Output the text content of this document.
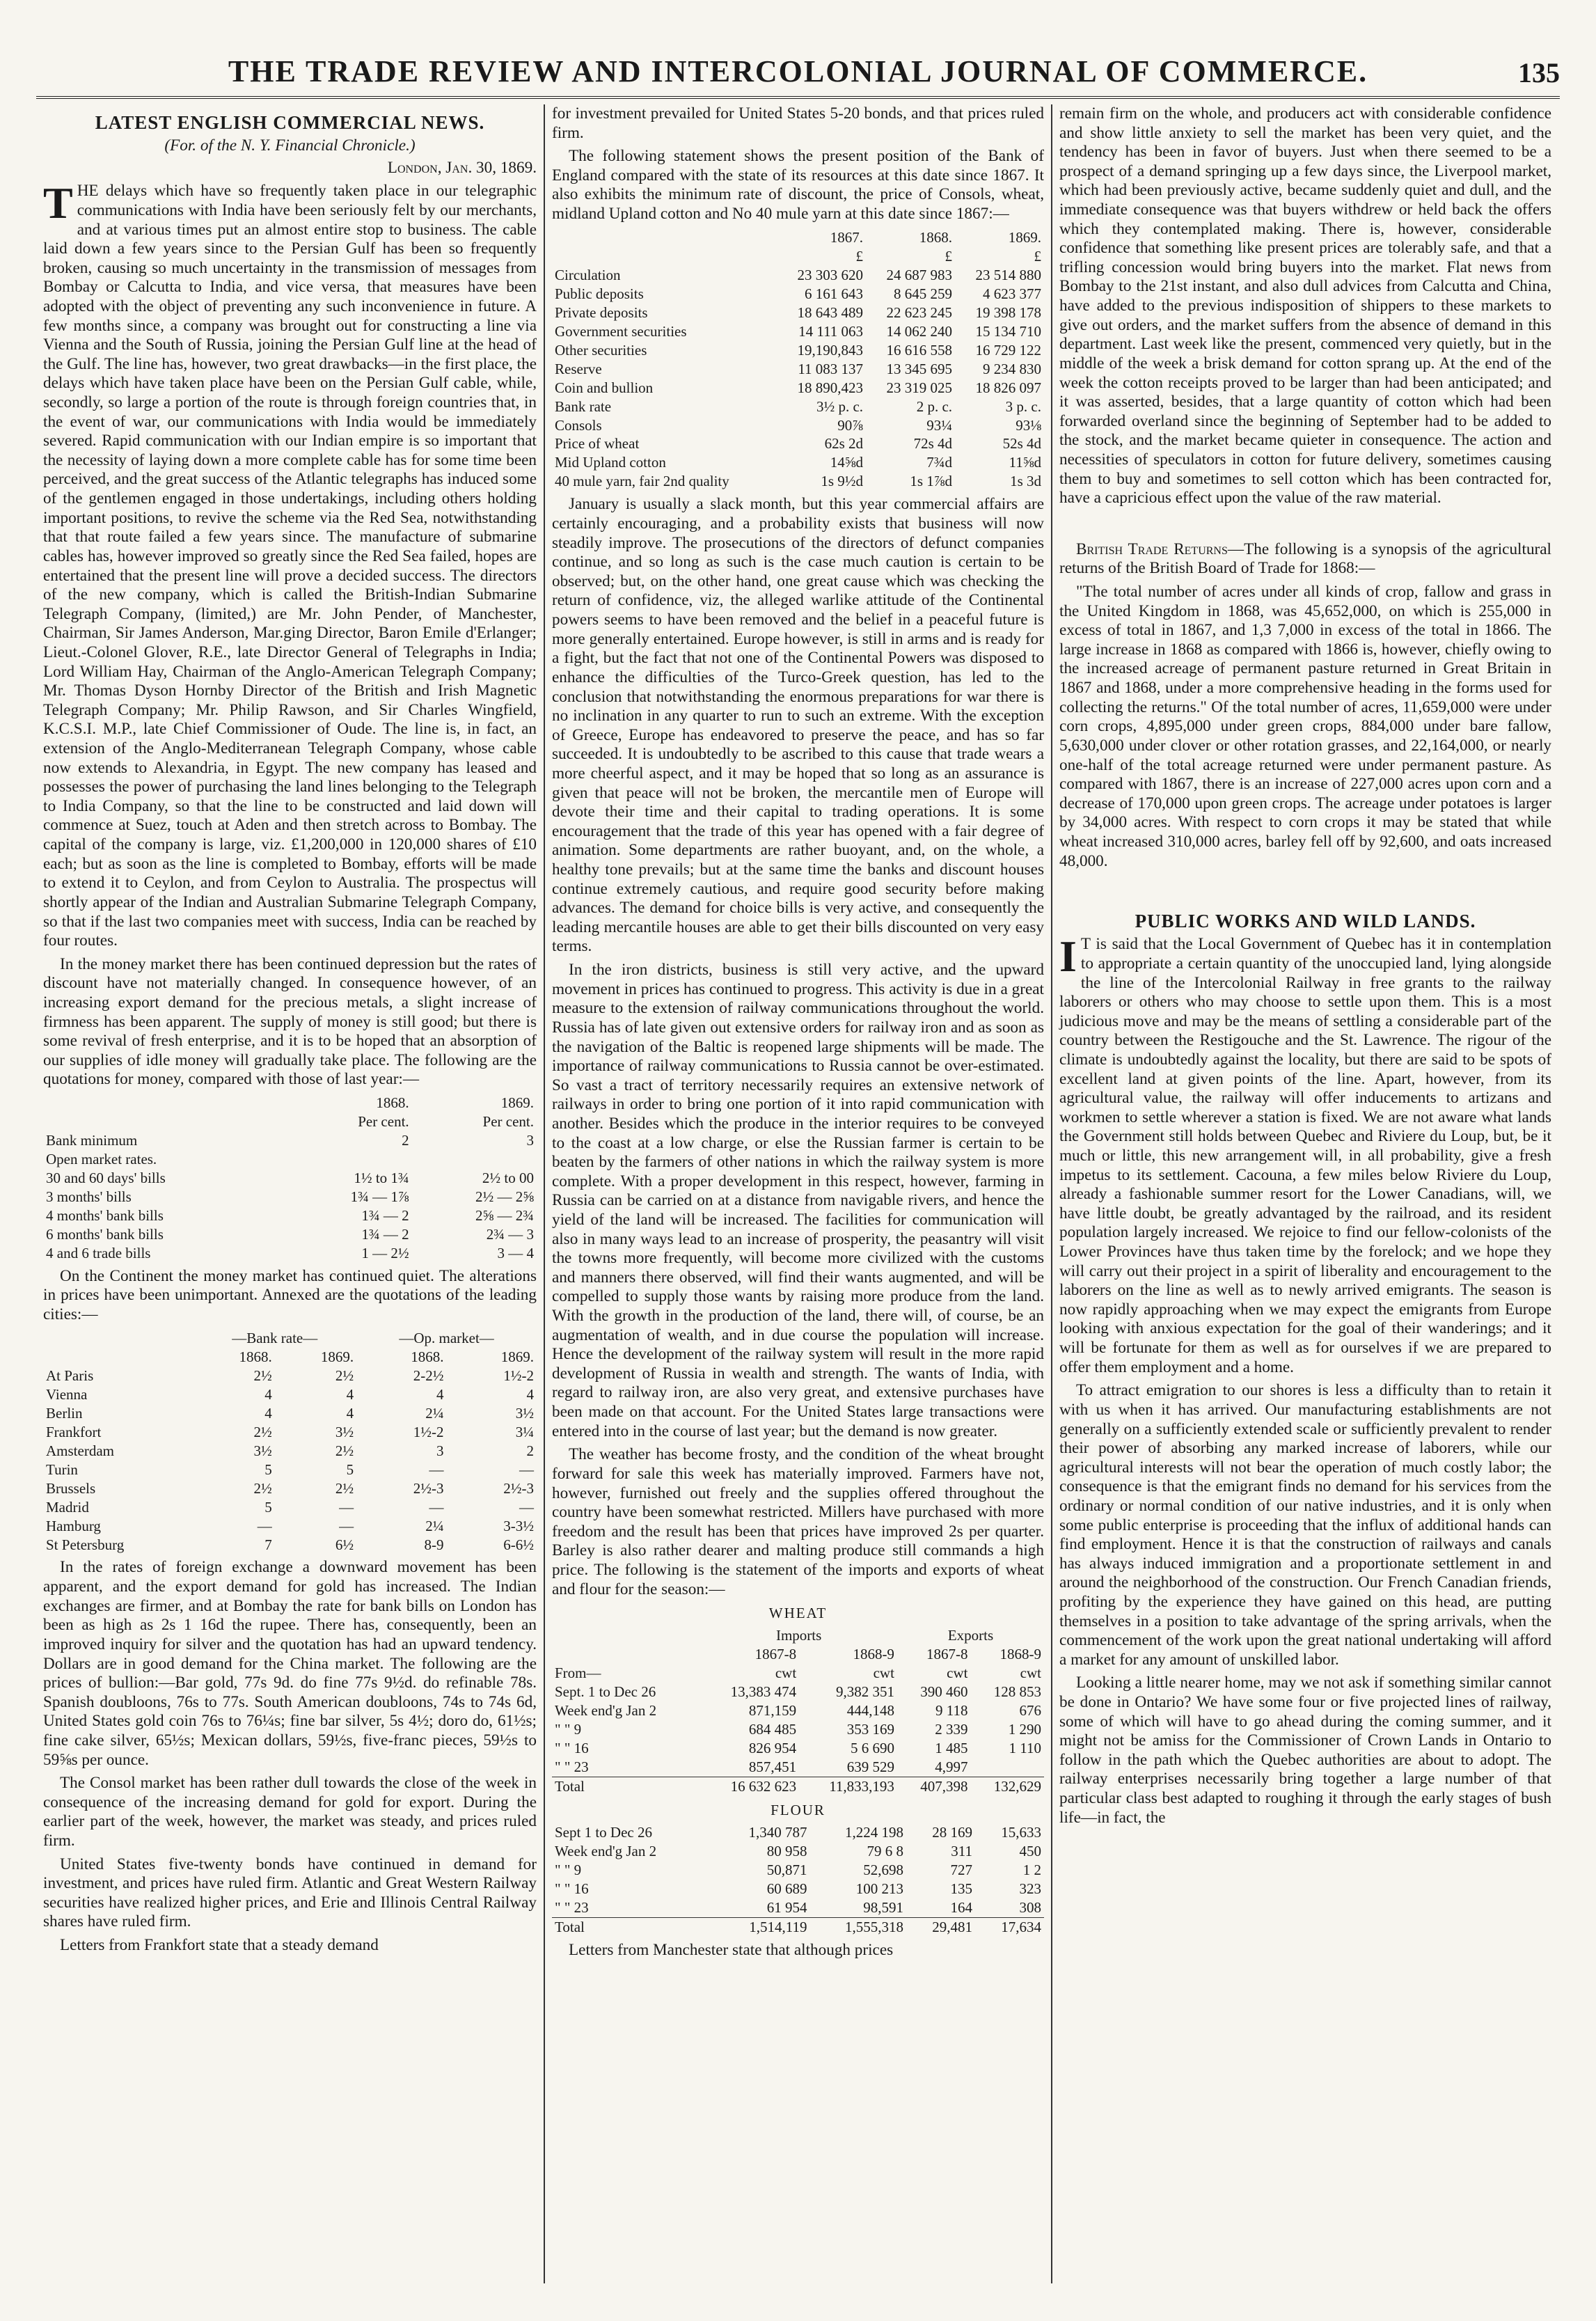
THE TRADE REVIEW AND INTERCOLONIAL JOURNAL OF COMMERCE.	135
LATEST ENGLISH COMMERCIAL NEWS.
(For. of the N. Y. Financial Chronicle.)
London, Jan. 30, 1869.

THE delays which have so frequently taken place in our telegraphic communications with India have been seriously felt by our merchants, and at various times put an almost entire stop to business. The cable laid down a few years since to the Persian Gulf has been so frequently broken, causing so much uncertainty in the transmission of messages from Bombay or Calcutta to India, and vice versa, that measures have been adopted with the object of preventing any such inconvenience in future. A few months since, a company was brought out for constructing a line via Vienna and the South of Russia, joining the Persian Gulf line at the head of the Gulf. The line has, however, two great drawbacks—in the first place, the delays which have taken place have been on the Persian Gulf cable, while, secondly, so large a portion of the route is through foreign countries that, in the event of war, our communications with India would be immediately severed. Rapid communication with our Indian empire is so important that the necessity of laying down a more complete cable has for some time been perceived, and the great success of the Atlantic telegraphs has induced some of the gentlemen engaged in those undertakings, including others holding important positions, to revive the scheme via the Red Sea, notwithstanding that that route failed a few years since. The manufacture of submarine cables has, however improved so greatly since the Red Sea failed, hopes are entertained that the present line will prove a decided success. The directors of the new company, which is called the British-Indian Submarine Telegraph Company, (limited,) are Mr. John Pender, of Manchester, Chairman, Sir James Anderson, Mar.ging Director, Baron Emile d'Erlanger; Lieut.-Colonel Glover, R.E., late Director General of Telegraphs in India; Lord William Hay, Chairman of the Anglo-American Telegraph Company; Mr. Thomas Dyson Hornby Director of the British and Irish Magnetic Telegraph Company; Mr. Philip Rawson, and Sir Charles Wingfield, K.C.S.I. M.P., late Chief Commissioner of Oude. The line is, in fact, an extension of the Anglo-Mediterranean Telegraph Company, whose cable now extends to Alexandria, in Egypt. The new company has leased and possesses the power of purchasing the land lines belonging to the Telegraph to India Company, so that the line to be constructed and laid down will commence at Suez, touch at Aden and then stretch across to Bombay. The capital of the company is large, viz. £1,200,000 in 120,000 shares of £10 each; but as soon as the line is completed to Bombay, efforts will be made to extend it to Ceylon, and from Ceylon to Australia. The prospectus will shortly appear of the Indian and Australian Submarine Telegraph Company, so that if the last two companies meet with success, India can be reached by four routes.

In the money market there has been continued depression but the rates of discount have not materially changed. In consequence however, of an increasing export demand for the precious metals, a slight increase of firmness has been apparent. The supply of money is still good; but there is some revival of fresh enterprise, and it is to be hoped that an absorption of our supplies of idle money will gradually take place. The following are the quotations for money, compared with those of last year:—

	1868.	1869.
	Per cent.	Per cent.
Bank minimum	2	3
Open market rates.		
30 and 60 days' bills	1½ to 1¾	2½ to 00
3 months' bills	1¾ — 1⅞	2½ — 2⅝
4 months' bank bills	1¾ — 2	2⅝ — 2¾
6 months' bank bills	1¾ — 2	2¾ — 3
4 and 6 trade bills	1 — 2½	3 — 4

On the Continent the money market has continued quiet. The alterations in prices have been unimportant. Annexed are the quotations of the leading cities:—

	—Bank rate—		—Op. market—	
	1868.	1869.	1868.	1869.
At Paris	2½	2½	2-2½	1½-2
Vienna	4	4	4	4
Berlin	4	4	2¼	3½
Frankfort	2½	3½	1½-2	3¼
Amsterdam	3½	2½	3	2
Turin	5	5	—	—
Brussels	2½	2½	2½-3	2½-3
Madrid	5	—	—	—
Hamburg	—	—	2¼	3-3½
St Petersburg	7	6½	8-9	6-6½

In the rates of foreign exchange a downward movement has been apparent, and the export demand for gold has increased. The Indian exchanges are firmer, and at Bombay the rate for bank bills on London has been as high as 2s 1 16d the rupee. There has, consequently, been an improved inquiry for silver and the quotation has had an upward tendency. Dollars are in good demand for the China market. The following are the prices of bullion:—Bar gold, 77s 9d. do fine 77s 9½d. do refinable 78s. Spanish doubloons, 76s to 77s. South American doubloons, 74s to 74s 6d, United States gold coin 76s to 76¼s; fine bar silver, 5s 4½; doro do, 61½s; fine cake silver, 65½s; Mexican dollars, 59½s, five-franc pieces, 59½s to 59⅝s per ounce.

The Consol market has been rather dull towards the close of the week in consequence of the increasing demand for gold for export. During the earlier part of the week, however, the market was steady, and prices ruled firm.

United States five-twenty bonds have continued in demand for investment, and prices have ruled firm. Atlantic and Great Western Railway securities have realized higher prices, and Erie and Illinois Central Railway shares have ruled firm.

Letters from Frankfort state that a steady demand

for investment prevailed for United States 5-20 bonds, and that prices ruled firm.

The following statement shows the present position of the Bank of England compared with the state of its resources at this date since 1867. It also exhibits the minimum rate of discount, the price of Consols, wheat, midland Upland cotton and No 40 mule yarn at this date since 1867:—

	1867.	1868.	1869.
	£	£	£
Circulation	23 303 620	24 687 983	23 514 880
Public deposits	6 161 643	8 645 259	4 623 377
Private deposits	18 643 489	22 623 245	19 398 178
Government securities	14 111 063	14 062 240	15 134 710
Other securities	19,190,843	16 616 558	16 729 122
Reserve	11 083 137	13 345 695	9 234 830
Coin and bullion	18 890,423	23 319 025	18 826 097
Bank rate	3½ p. c.	2 p. c.	3 p. c.
Consols	90⅞	93¼	93⅛
Price of wheat	62s 2d	72s 4d	52s 4d
Mid Upland cotton	14⅝d	7¾d	11⅝d
40 mule yarn, fair 2nd quality	1s 9½d	1s 1⅞d	1s 3d

January is usually a slack month, but this year commercial affairs are certainly encouraging, and a probability exists that business will now steadily improve. The prosecutions of the directors of defunct companies continue, and so long as such is the case much caution is certain to be observed; but, on the other hand, one great cause which was checking the return of confidence, viz, the alleged warlike attitude of the Continental powers seems to have been removed and the belief in a peaceful future is more generally entertained. Europe however, is still in arms and is ready for a fight, but the fact that not one of the Continental Powers was disposed to enhance the difficulties of the Turco-Greek question, has led to the conclusion that notwithstanding the enormous preparations for war there is no inclination in any quarter to run to such an extreme. With the exception of Greece, Europe has endeavored to preserve the peace, and has so far succeeded. It is undoubtedly to be ascribed to this cause that trade wears a more cheerful aspect, and it may be hoped that so long as an assurance is given that peace will not be broken, the mercantile men of Europe will devote their time and their capital to trading operations. It is some encouragement that the trade of this year has opened with a fair degree of animation. Some departments are rather buoyant, and, on the whole, a healthy tone prevails; but at the same time the banks and discount houses continue extremely cautious, and require good security before making advances. The demand for choice bills is very active, and consequently the leading mercantile houses are able to get their bills discounted on very easy terms.

In the iron districts, business is still very active, and the upward movement in prices has continued to progress. This activity is due in a great measure to the extension of railway communications throughout the world. Russia has of late given out extensive orders for railway iron and as soon as the navigation of the Baltic is reopened large shipments will be made. The importance of railway communications to Russia cannot be over-estimated. So vast a tract of territory necessarily requires an extensive network of railways in order to bring one portion of it into rapid communication with another. Besides which the produce in the interior requires to be conveyed to the coast at a low charge, or else the Russian farmer is certain to be beaten by the farmers of other nations in which the railway system is more complete. With a proper development in this respect, however, farming in Russia can be carried on at a distance from navigable rivers, and hence the yield of the land will be increased. The facilities for communication will also in many ways lead to an increase of prosperity, the peasantry will visit the towns more frequently, will become more civilized with the customs and manners there observed, will find their wants augmented, and will be compelled to supply those wants by raising more produce from the land. With the growth in the production of the land, there will, of course, be an augmentation of wealth, and in due course the population will increase. Hence the development of the railway system will result in the more rapid development of Russia in wealth and strength. The wants of India, with regard to railway iron, are also very great, and extensive purchases have been made on that account. For the United States large transactions were entered into in the course of last year; but the demand is now greater.

The weather has become frosty, and the condition of the wheat brought forward for sale this week has materially improved. Farmers have not, however, furnished out freely and the supplies offered throughout the country have been somewhat restricted. Millers have purchased with more freedom and the result has been that prices have improved 2s per quarter. Barley is also rather dearer and malting produce still commands a high price. The following is the statement of the imports and exports of wheat and flour for the season:—

WHEAT
	Imports		Exports	
	1867-8	1868-9	1867-8	1868-9
From—	cwt	cwt	cwt	cwt
Sept. 1 to Dec 26	13,383 474	9,382 351	390 460	128 853
Week end'g Jan 2	871,159	444,148	9 118	676
" " 9	684 485	353 169	2 339	1 290
" " 16	826 954	5 6 690	1 485	1 110
" " 23	857,451	639 529	4,997	
Total	16 632 623	11,833,193	407,398	132,629
FLOUR
Sept 1 to Dec 26	1,340 787	1,224 198	28 169	15,633
Week end'g Jan 2	80 958	79 6 8	311	450
" " 9	50,871	52,698	727	1 2
" " 16	60 689	100 213	135	323
" " 23	61 954	98,591	164	308
Total	1,514,119	1,555,318	29,481	17,634

Letters from Manchester state that although prices

remain firm on the whole, and producers act with considerable confidence and show little anxiety to sell the market has been very quiet, and the tendency has been in favor of buyers. Just when there seemed to be a prospect of a demand springing up a few days since, the Liverpool market, which had been previously active, became suddenly quiet and dull, and the immediate consequence was that buyers withdrew or held back the offers which they contemplated making. There is, however, considerable confidence that something like present prices are tolerably safe, and that a trifling concession would bring buyers into the market. Flat news from Bombay to the 21st instant, and also dull advices from Calcutta and China, have added to the previous indisposition of shippers to these markets to give out orders, and the market suffers from the absence of demand in this department. Last week like the present, commenced very quietly, but in the middle of the week a brisk demand for cotton sprang up. At the end of the week the cotton receipts proved to be larger than had been anticipated; and it was asserted, besides, that a large quantity of cotton which had been forwarded overland since the beginning of September had to be added to the stock, and the market became quieter in consequence. The action and necessities of speculators in cotton for future delivery, sometimes causing them to buy and sometimes to sell cotton which has been contracted for, have a capricious effect upon the value of the raw material.

British Trade Returns—The following is a synopsis of the agricultural returns of the British Board of Trade for 1868:—

"The total number of acres under all kinds of crop, fallow and grass in the United Kingdom in 1868, was 45,652,000, on which is 255,000 in excess of total in 1867, and 1,3 7,000 in excess of the total in 1866. The large increase in 1868 as compared with 1866 is, however, chiefly owing to the increased acreage of permanent pasture returned in Great Britain in 1867 and 1868, under a more comprehensive heading in the forms used for collecting the returns." Of the total number of acres, 11,659,000 were under corn crops, 4,895,000 under green crops, 884,000 under bare fallow, 5,630,000 under clover or other rotation grasses, and 22,164,000, or nearly one-half of the total acreage returned were under permanent pasture. As compared with 1867, there is an increase of 227,000 acres upon corn and a decrease of 170,000 upon green crops. The acreage under potatoes is larger by 34,000 acres. With respect to corn crops it may be stated that while wheat increased 310,000 acres, barley fell off by 92,600, and oats increased 48,000.

PUBLIC WORKS AND WILD LANDS.

I T is said that the Local Government of Quebec has it in contemplation to appropriate a certain quantity of the unoccupied land, lying alongside the line of the Intercolonial Railway in free grants to the railway laborers or others who may choose to settle upon them. This is a most judicious move and may be the means of settling a considerable part of the country between the Restigouche and the St. Lawrence. The rigour of the climate is undoubtedly against the locality, but there are said to be spots of excellent land at given points of the line. Apart, however, from its agricultural value, the railway will offer inducements to artizans and workmen to settle wherever a station is fixed. We are not aware what lands the Government still holds between Quebec and Riviere du Loup, but, be it much or little, this new arrangement will, in all probability, give a fresh impetus to its settlement. Cacouna, a few miles below Riviere du Loup, already a fashionable summer resort for the Lower Canadians, will, we have little doubt, be greatly advantaged by the railroad, and its resident population largely increased. We rejoice to find our fellow-colonists of the Lower Provinces have thus taken time by the forelock; and we hope they will carry out their project in a spirit of liberality and encouragement to the laborers on the line as well as to newly arrived emigrants. The season is now rapidly approaching when we may expect the emigrants from Europe looking with anxious expectation for the goal of their wanderings; and it will be fortunate for them as well as for ourselves if we are prepared to offer them employment and a home.

To attract emigration to our shores is less a difficulty than to retain it with us when it has arrived. Our manufacturing establishments are not generally on a sufficiently extended scale or sufficiently prevalent to render their power of absorbing any marked increase of laborers, while our agricultural interests will not bear the operation of much costly labor; the consequence is that the emigrant finds no demand for his services from the ordinary or normal condition of our native industries, and it is only when some public enterprise is proceeding that the influx of additional hands can find employment. Hence it is that the construction of railways and canals has always induced immigration and a proportionate settlement in and around the neighborhood of the construction. Our French Canadian friends, profiting by the experience they have gained on this head, are putting themselves in a position to take advantage of the spring arrivals, when the commencement of the work upon the great national undertaking will afford a market for any amount of unskilled labor.

Looking a little nearer home, may we not ask if something similar cannot be done in Ontario? We have some four or five projected lines of railway, some of which will have to go ahead during the coming summer, and it might not be amiss for the Commissioner of Crown Lands in Ontario to follow in the path which the Quebec authorities are about to adopt. The railway enterprises necessarily bring together a large number of that particular class best adapted to roughing it through the early stages of bush life—in fact, the
